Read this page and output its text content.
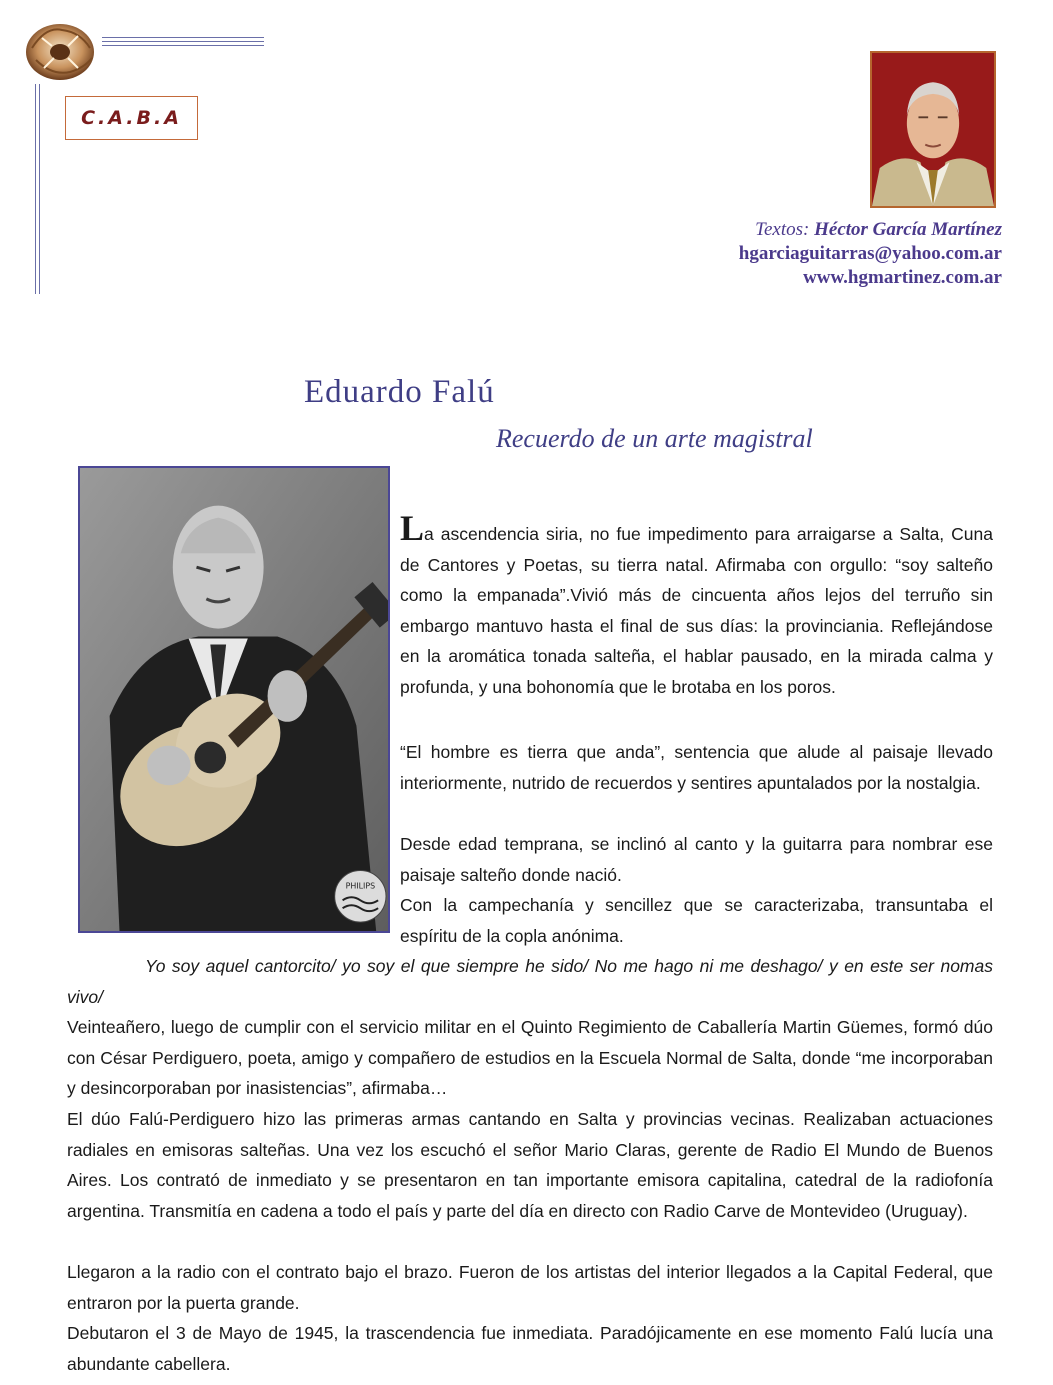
C.A.B.A
Textos: Héctor García Martínez
hgarciaguitarras@yahoo.com.ar
www.hgmartinez.com.ar
Eduardo Falú
Recuerdo de un arte magistral
PHILIPS
La ascendencia siria, no fue impedimento para arraigarse a Salta, Cuna de Cantores y Poetas, su tierra natal. Afirmaba con orgullo: “soy salteño como la empanada”.Vivió más de cincuenta años lejos del terruño sin embargo mantuvo hasta el final de sus días: la provinciania. Reflejándose en la aromática tonada salteña, el hablar pausado, en la mirada calma y profunda, y una bohonomía que le brotaba en los poros.
“El hombre es tierra que anda”, sentencia que alude al paisaje llevado interiormente, nutrido de recuerdos y sentires apuntalados por la nostalgia.
Desde edad temprana, se inclinó al canto y la guitarra para nombrar ese paisaje salteño donde nació.
Con la campechanía y sencillez que se caracterizaba, transuntaba el espíritu de la copla anónima.
Yo soy aquel cantorcito/ yo soy el que siempre he sido/ No me hago ni me deshago/ y en este ser nomas vivo/
Veinteañero, luego de cumplir con el servicio militar en el Quinto Regimiento de Caballería Martin Güemes, formó dúo con César Perdiguero, poeta, amigo y compañero de estudios en la Escuela Normal de Salta, donde “me incorporaban y desincorporaban por inasistencias”, afirmaba…
El dúo Falú-Perdiguero hizo las primeras armas cantando en Salta y provincias vecinas. Realizaban actuaciones radiales en emisoras salteñas. Una vez los escuchó el señor Mario Claras, gerente de Radio El Mundo de Buenos Aires. Los contrató de inmediato y se presentaron en tan importante emisora capitalina, catedral de la radiofonía argentina. Transmitía en cadena a todo el país y parte del día en directo con Radio Carve de Montevideo (Uruguay).
Llegaron a la radio con el contrato bajo el brazo. Fueron de los artistas del interior llegados a la Capital Federal, que entraron por la puerta grande.
Debutaron el 3 de Mayo de 1945, la trascendencia fue inmediata. Paradójicamente en ese momento Falú lucía una abundante cabellera.
